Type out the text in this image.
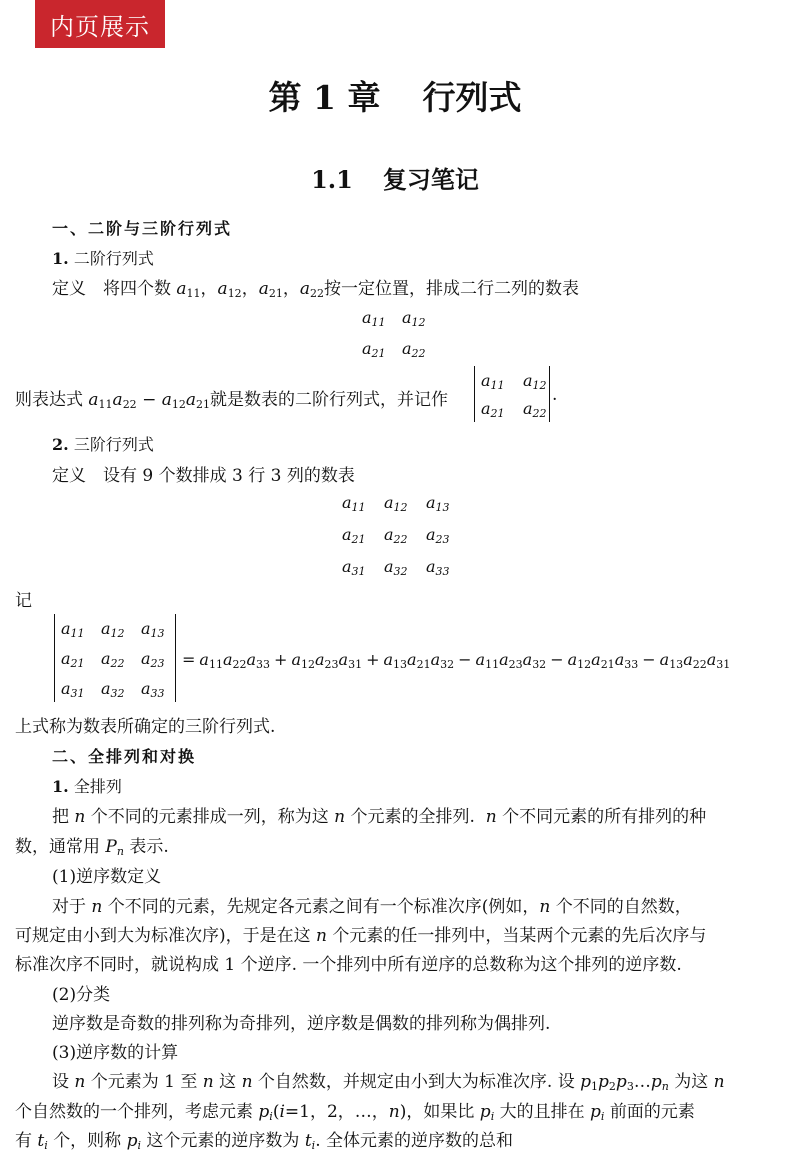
内页展示
第 1 章 行列式
1.1 复习笔记
一、二阶与三阶行列式
1. 二阶行列式
定义　将四个数 $a_{11}$，$a_{12}$，$a_{21}$，$a_{22}$按一定位置，排成二行二列的数表
$a_{11}$ $a_{12}$
$a_{21}$ $a_{22}$
则表达式 $a_{11}a_{22} - a_{12}a_{21}$就是数表的二阶行列式，并记作
$a_{11}$ $a_{12}$
$a_{21}$ $a_{22}$
.
2. 三阶行列式
定义　设有 9 个数排成 3 行 3 列的数表
$a_{11}$ $a_{12}$ $a_{13}$
$a_{21}$ $a_{22}$ $a_{23}$
$a_{31}$ $a_{32}$ $a_{33}$
记
$a_{11}$ $a_{12}$ $a_{13}$
$a_{21}$ $a_{22}$ $a_{23}$
$a_{31}$ $a_{32}$ $a_{33}$
= $a_{11}a_{22}a_{33} + a_{12}a_{23}a_{31} + a_{13}a_{21}a_{32} - a_{11}a_{23}a_{32} - a_{12}a_{21}a_{33} - a_{13}a_{22}a_{31}$
上式称为数表所确定的三阶行列式.
二、全排列和对换
1. 全排列
把 n 个不同的元素排成一列，称为这 n 个元素的全排列. n 个不同元素的所有排列的种
数，通常用 $P_n$ 表示.
(1)逆序数定义
对于 n 个不同的元素，先规定各元素之间有一个标准次序(例如，n 个不同的自然数，
可规定由小到大为标准次序)，于是在这 n 个元素的任一排列中，当某两个元素的先后次序与
标准次序不同时，就说构成 1 个逆序. 一个排列中所有逆序的总数称为这个排列的逆序数.
(2)分类
逆序数是奇数的排列称为奇排列，逆序数是偶数的排列称为偶排列.
(3)逆序数的计算
设 n 个元素为 1 至 n 这 n 个自然数，并规定由小到大为标准次序. 设 $p_1p_2p_3\dots p_n$ 为这 n
个自然数的一个排列，考虑元素 $p_i(i=1$，2，…，n)，如果比 $p_i$ 大的且排在 $p_i$ 前面的元素
有 $t_i$ 个，则称 $p_i$ 这个元素的逆序数为 $t_i$. 全体元素的逆序数的总和
